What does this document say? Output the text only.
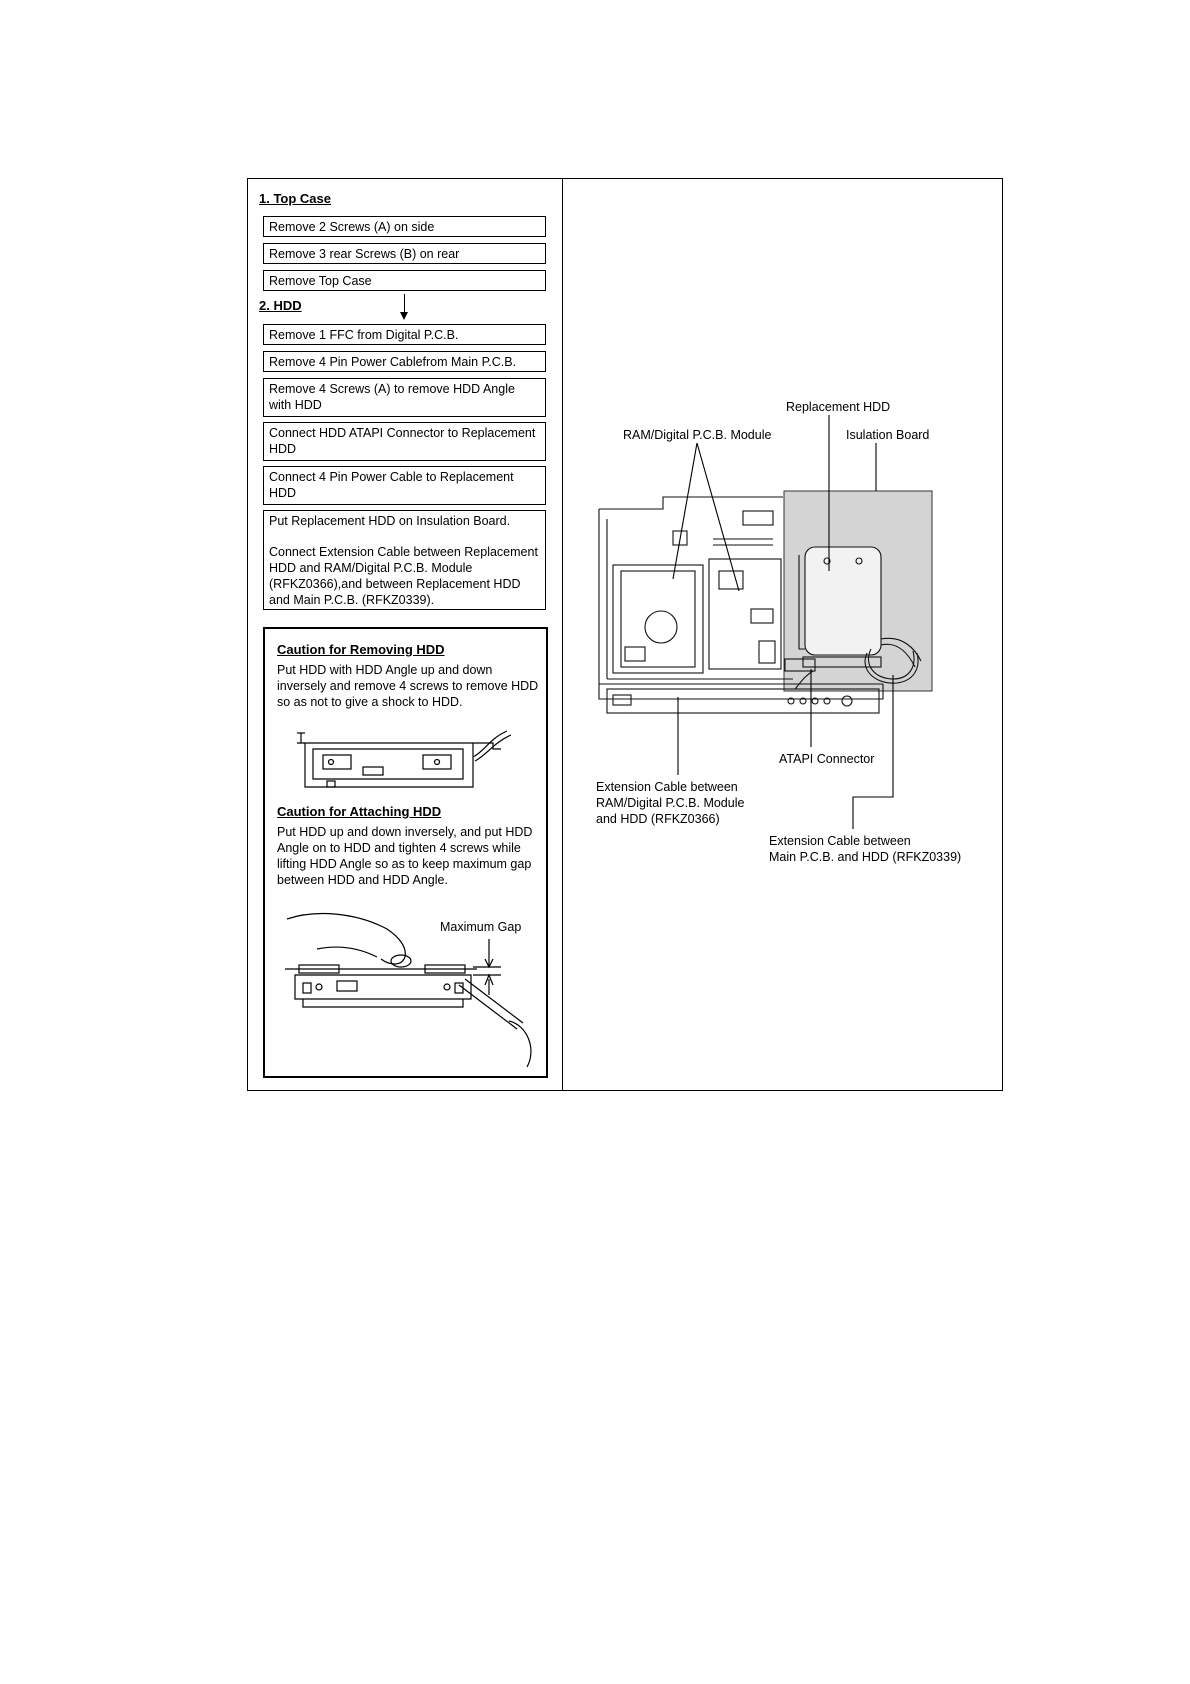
1. Top Case
Remove 2 Screws (A) on side
Remove 3 rear Screws (B) on rear
Remove Top Case
2. HDD
Remove 1 FFC from Digital P.C.B.
Remove 4 Pin Power Cablefrom Main P.C.B.
Remove 4 Screws (A) to remove HDD Angle with HDD
Connect HDD ATAPI Connector to Replacement HDD
Connect 4 Pin Power Cable to Replacement HDD
Put Replacement HDD on Insulation Board.
Connect Extension Cable between Replacement HDD and RAM/Digital P.C.B. Module (RFKZ0366),and between Replacement HDD and Main P.C.B. (RFKZ0339).
Caution for Removing HDD
Put HDD with HDD Angle up and down inversely and remove 4 screws to remove HDD so as not to give a shock to HDD.
Caution for Attaching HDD
Put HDD up and down inversely, and put HDD Angle on to HDD and tighten 4 screws while lifting HDD Angle so as to keep maximum gap between HDD and HDD Angle.
Maximum Gap
Replacement HDD
RAM/Digital P.C.B. Module	Isulation Board
ATAPI Connector
Extension Cable between
RAM/Digital P.C.B. Module
and HDD (RFKZ0366)
Extension Cable between
Main P.C.B. and HDD (RFKZ0339)
